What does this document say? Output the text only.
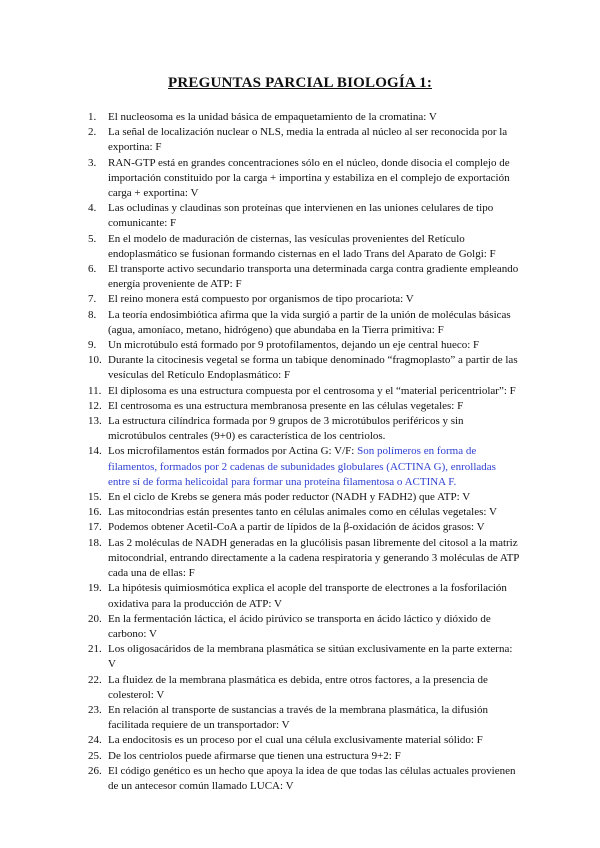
PREGUNTAS PARCIAL BIOLOGÍA 1:
1.	El nucleosoma es la unidad básica de empaquetamiento de la cromatina: V
2.	La señal de localización nuclear o NLS, media la entrada al núcleo al ser reconocida por la exportina: F
3.	RAN-GTP está en grandes concentraciones sólo en el núcleo, donde disocia el complejo de importación constituido por la carga + importina y estabiliza en el complejo de exportación carga + exportina: V
4.	Las ocludinas y claudinas son proteínas que intervienen en las uniones celulares de tipo comunicante: F
5.	En el modelo de maduración de cisternas, las vesículas provenientes del Retículo endoplasmático se fusionan formando cisternas en el lado Trans del Aparato de Golgi: F
6.	El transporte activo secundario transporta una determinada carga contra gradiente empleando energía proveniente de ATP: F
7.	El reino monera está compuesto por organismos de tipo procariota: V
8.	La teoría endosimbiótica afirma que la vida surgió a partir de la unión de moléculas básicas (agua, amoníaco, metano, hidrógeno) que abundaba en la Tierra primitiva: F
9.	Un microtúbulo está formado por 9 protofilamentos, dejando un eje central hueco: F
10. Durante la citocinesis vegetal se forma un tabique denominado “fragmoplasto” a partir de las vesículas del Retículo Endoplasmático: F
11. El diplosoma es una estructura compuesta por el centrosoma y el “material pericentriolar”: F
12. El centrosoma es una estructura membranosa presente en las células vegetales: F
13. La estructura cilíndrica formada por 9 grupos de 3 microtúbulos periféricos y sin microtúbulos centrales (9+0) es característica de los centriolos.
14. Los microfilamentos están formados por Actina G: V/F: Son polímeros en forma de filamentos, formados por 2 cadenas de subunidades globulares (ACTINA G), enrolladas entre sí de forma helicoidal para formar una proteína filamentosa o ACTINA F.
15. En el ciclo de Krebs se genera más poder reductor (NADH y FADH2) que ATP: V
16. Las mitocondrias están presentes tanto en células animales como en células vegetales: V
17. Podemos obtener Acetil-CoA a partir de lípidos de la β-oxidación de ácidos grasos: V
18. Las 2 moléculas de NADH generadas en la glucólisis pasan libremente del citosol a la matriz mitocondrial, entrando directamente a la cadena respiratoria y generando 3 moléculas de ATP cada una de ellas: F
19. La hipótesis quimiosmótica explica el acople del transporte de electrones a la fosforilación oxidativa para la producción de ATP: V
20. En la fermentación láctica, el ácido pirúvico se transporta en ácido láctico y dióxido de carbono: V
21. Los oligosacáridos de la membrana plasmática se sitúan exclusivamente en la parte externa: V
22. La fluidez de la membrana plasmática es debida, entre otros factores, a la presencia de colesterol: V
23. En relación al transporte de sustancias a través de la membrana plasmática, la difusión facilitada requiere de un transportador: V
24. La endocitosis es un proceso por el cual una célula exclusivamente material sólido: F
25. De los centriolos puede afirmarse que tienen una estructura 9+2: F
26. El código genético es un hecho que apoya la idea de que todas las células actuales provienen de un antecesor común llamado LUCA: V
